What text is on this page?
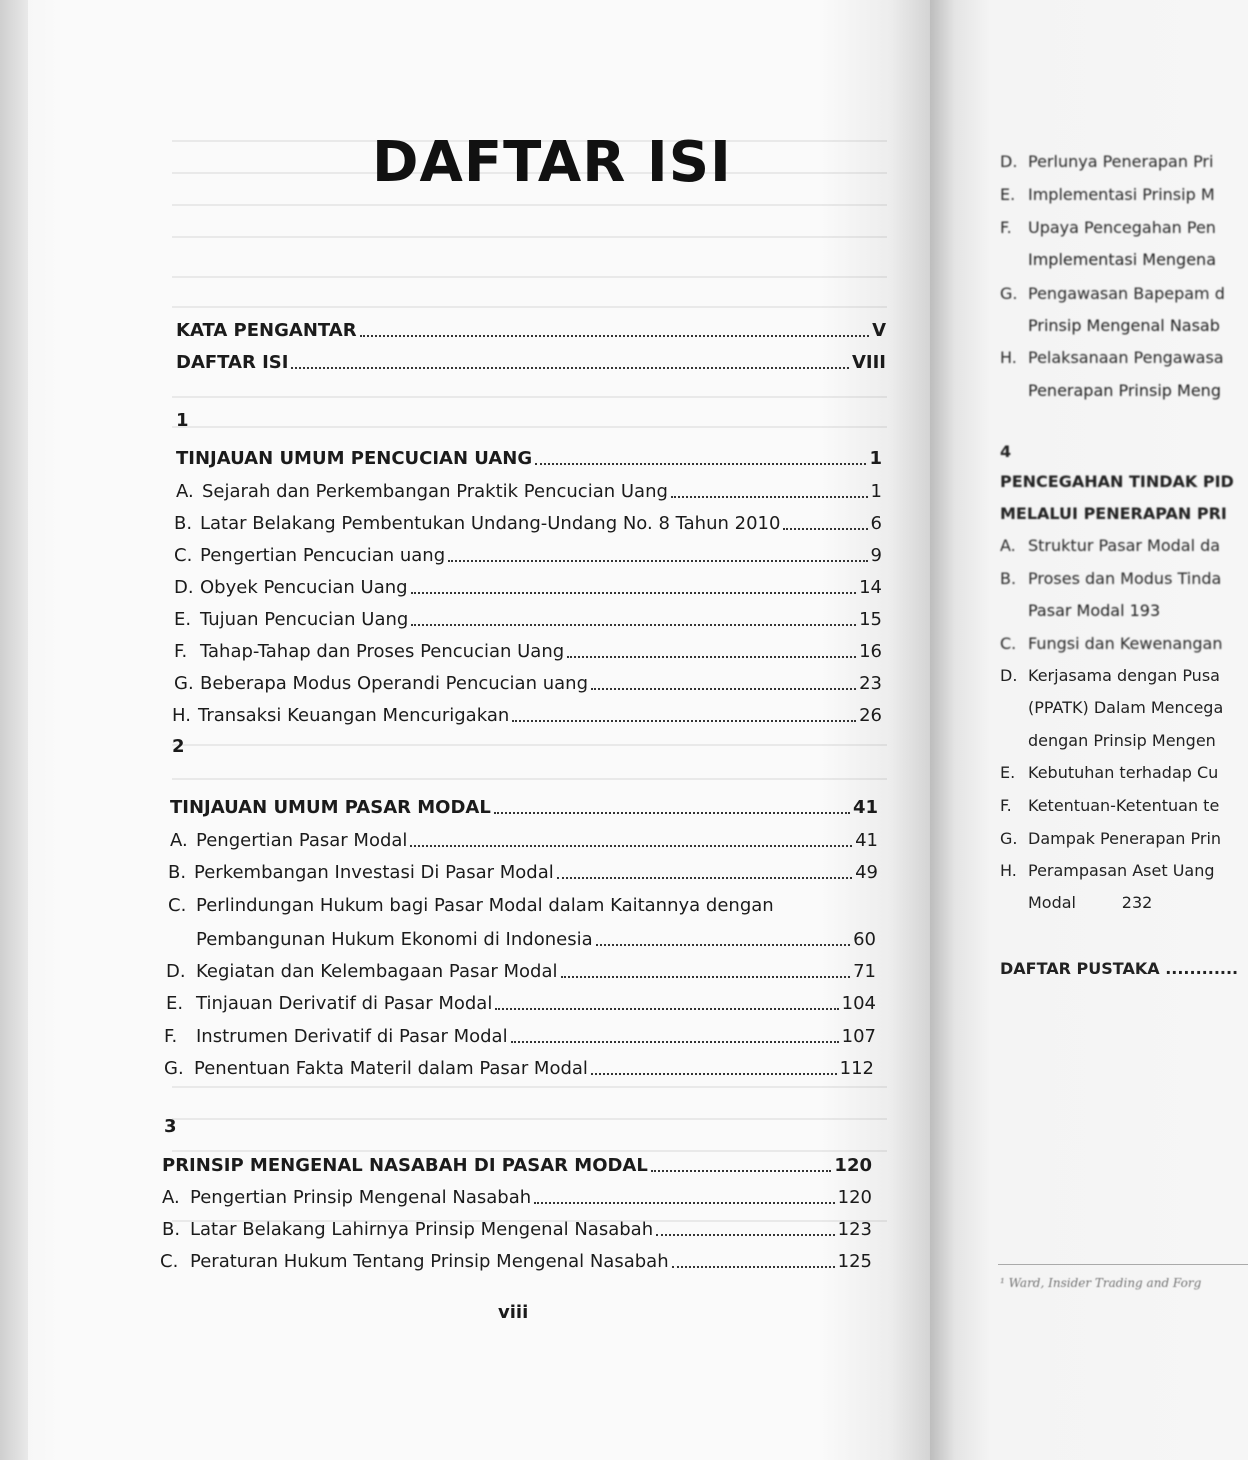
DAFTAR ISI
KATA PENGANTAR	V
DAFTAR ISI	VIII
1
TINJAUAN UMUM PENCUCIAN UANG	1
A. Sejarah dan Perkembangan Praktik Pencucian Uang	1
B. Latar Belakang Pembentukan Undang-Undang No. 8 Tahun 2010	6
C. Pengertian Pencucian uang	9
D. Obyek Pencucian Uang	14
E. Tujuan Pencucian Uang	15
F. Tahap-Tahap dan Proses Pencucian Uang	16
G. Beberapa Modus Operandi Pencucian uang	23
H. Transaksi Keuangan Mencurigakan	26
2
TINJAUAN UMUM PASAR MODAL	41
A. Pengertian Pasar Modal	41
B. Perkembangan Investasi Di Pasar Modal	49
C. Perlindungan Hukum bagi Pasar Modal dalam Kaitannya dengan
Pembangunan Hukum Ekonomi di Indonesia	60
D. Kegiatan dan Kelembagaan Pasar Modal	71
E. Tinjauan Derivatif di Pasar Modal	104
F.	Instrumen Derivatif di Pasar Modal	107
G. Penentuan Fakta Materil dalam Pasar Modal	112
3
PRINSIP MENGENAL NASABAH DI PASAR MODAL	120
A. Pengertian Prinsip Mengenal Nasabah	120
B. Latar Belakang Lahirnya Prinsip Mengenal Nasabah	123
C. Peraturan Hukum Tentang Prinsip Mengenal Nasabah	125
viii
D. Perlunya Penerapan Pri
E. Implementasi Prinsip M
F.	Upaya Pencegahan Pen
Implementasi Mengena
G. Pengawasan Bapepam d
Prinsip Mengenal Nasab
H. Pelaksanaan Pengawasa
Penerapan Prinsip Meng
4
PENCEGAHAN TINDAK PID
MELALUI PENERAPAN PRI
A. Struktur Pasar Modal da
B. Proses dan Modus Tinda
Pasar Modal 193
C. Fungsi dan Kewenangan
D. Kerjasama dengan Pusa
(PPATK) Dalam Mencega
dengan Prinsip Mengen
E. Kebutuhan terhadap Cu
F.	Ketentuan-Ketentuan te
G. Dampak Penerapan Prin
H. Perampasan Aset Uang
Modal         232
DAFTAR PUSTAKA ............
¹ Ward, Insider Trading and Forg
